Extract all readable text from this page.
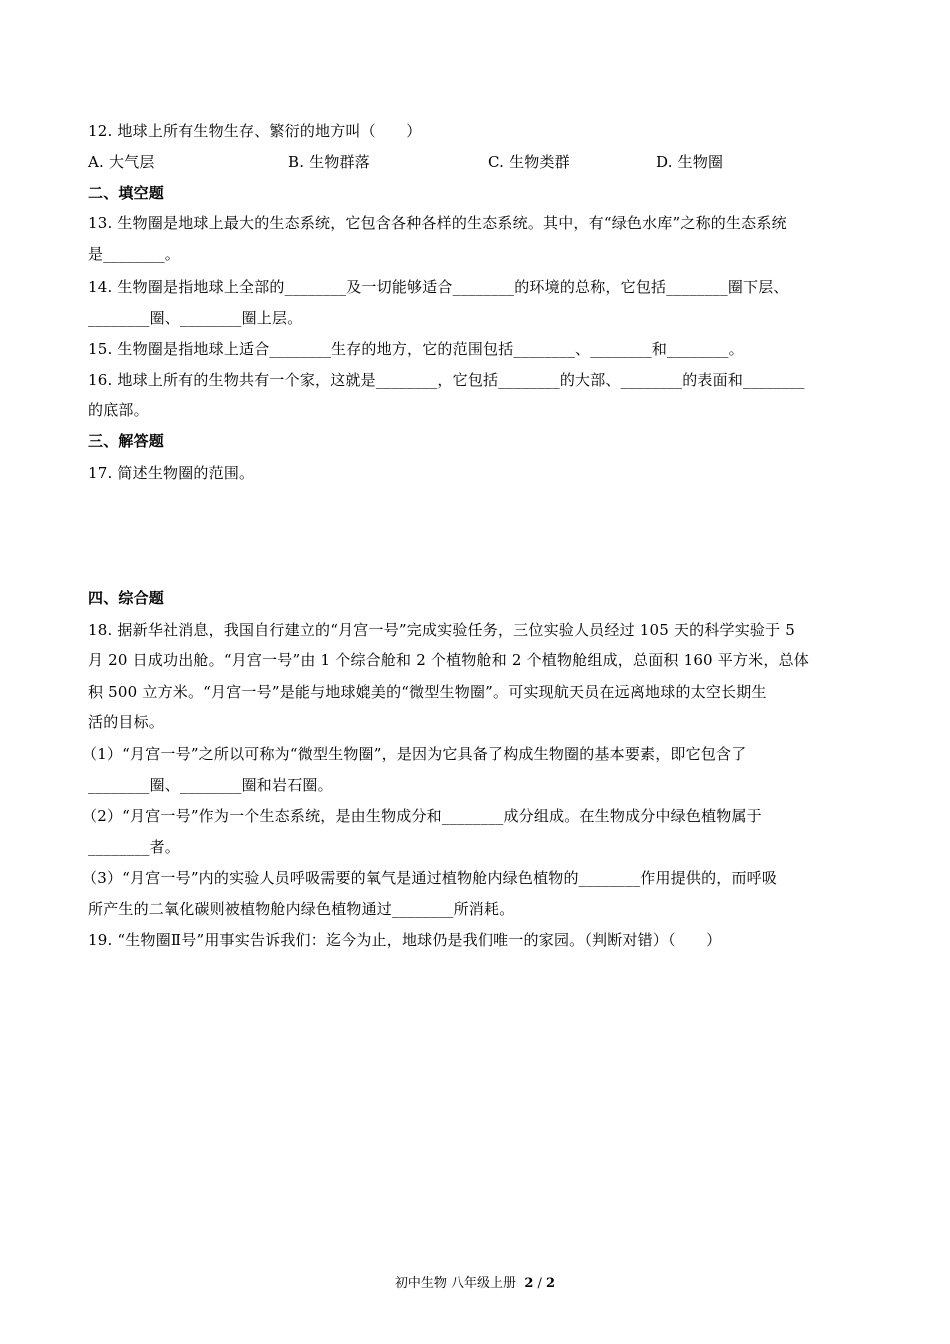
12. 地球上所有生物生存、繁衍的地方叫（　　）
A. 大气层	B. 生物群落	C. 生物类群	D. 生物圈
二、填空题
13. 生物圈是地球上最大的生态系统，它包含各种各样的生态系统。其中，有“绿色水库”之称的生态系统
是________。
14. 生物圈是指地球上全部的________及一切能够适合________的环境的总称，它包括________圈下层、
________圈、________圈上层。
15. 生物圈是指地球上适合________生存的地方，它的范围包括________、________和________。
16. 地球上所有的生物共有一个家，这就是________，它包括________的大部、________的表面和________
的底部。
三、解答题
17. 简述生物圈的范围。
四、综合题
18. 据新华社消息，我国自行建立的“月宫一号”完成实验任务，三位实验人员经过 105 天的科学实验于 5
月 20 日成功出舱。“月宫一号”由 1 个综合舱和 2 个植物舱和 2 个植物舱组成，总面积 160 平方米，总体
积 500 立方米。“月宫一号”是能与地球媲美的“微型生物圈”。可实现航天员在远离地球的太空长期生
活的目标。
（1）“月宫一号”之所以可称为“微型生物圈”，是因为它具备了构成生物圈的基本要素，即它包含了
________圈、________圈和岩石圈。
（2）“月宫一号”作为一个生态系统，是由生物成分和________成分组成。在生物成分中绿色植物属于
________者。
（3）“月宫一号”内的实验人员呼吸需要的氧气是通过植物舱内绿色植物的________作用提供的，而呼吸
所产生的二氧化碳则被植物舱内绿色植物通过________所消耗。
19. “生物圈Ⅱ号”用事实告诉我们：迄今为止，地球仍是我们唯一的家园。（判断对错）（　　）
初中生物 八年级上册 2 / 2
